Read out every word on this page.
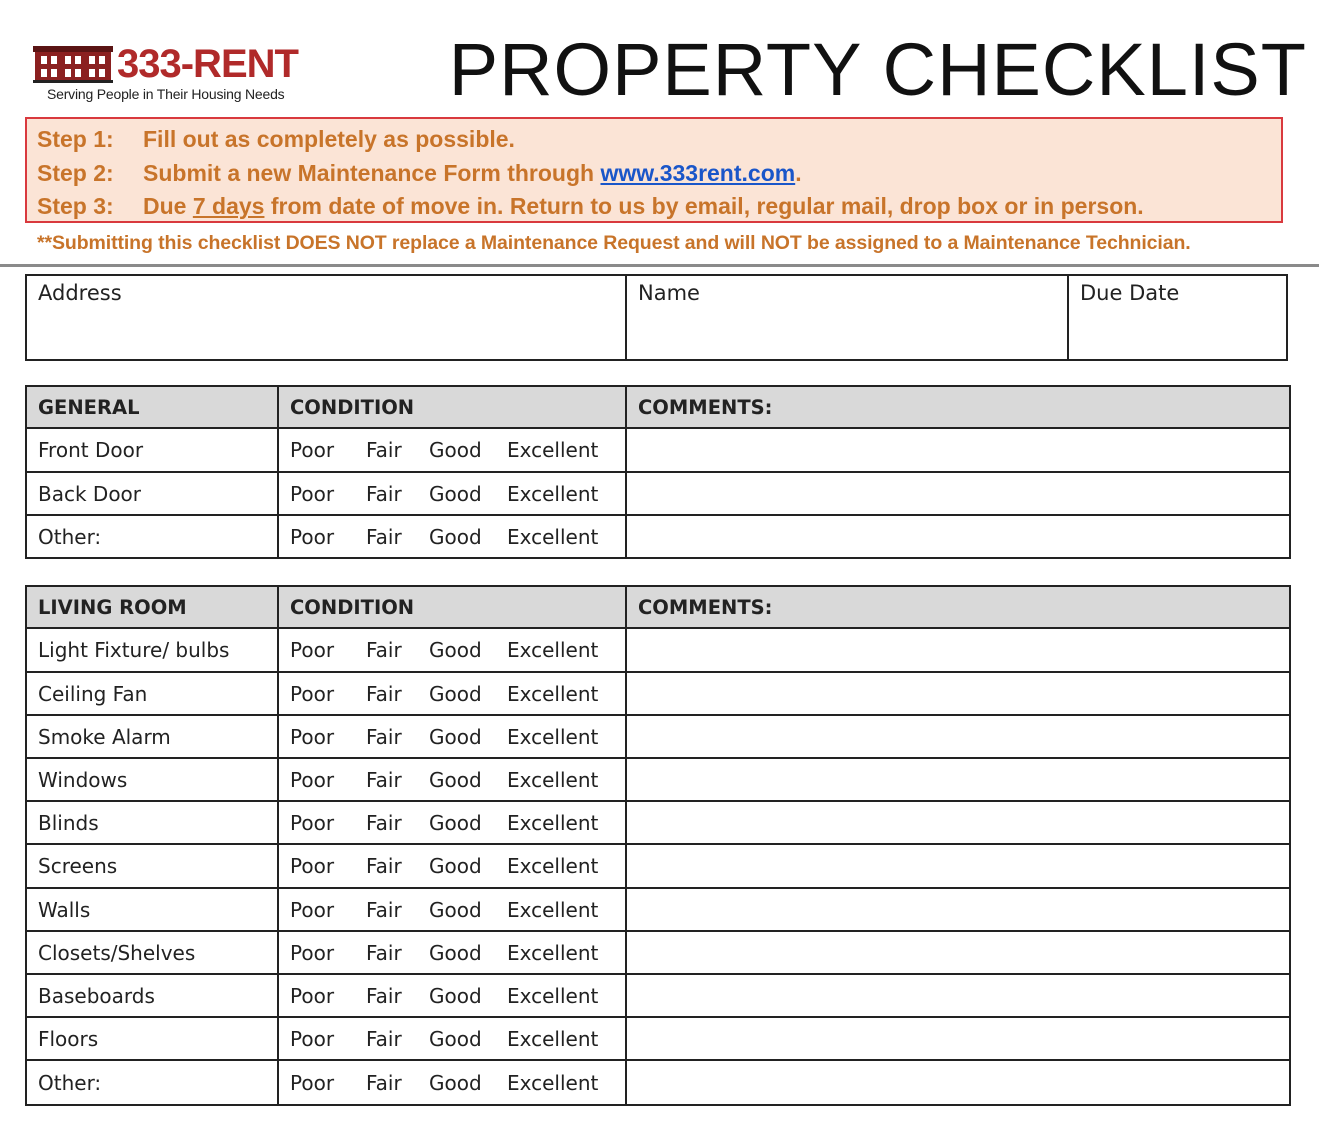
333-RENT
Serving People in Their Housing Needs	PROPERTY CHECKLIST
Step 1:	Fill out as completely as possible.
Step 2:	Submit a new Maintenance Form through www.333rent.com.
Step 3:	Due 7 days from date of move in. Return to us by email, regular mail, drop box or in person.
**Submitting this checklist DOES NOT replace a Maintenance Request and will NOT be assigned to a Maintenance Technician.
Address	Name	Due Date
GENERAL	CONDITION	COMMENTS:
Front Door	Poor Fair Good Excellent	

Back Door	Poor Fair Good Excellent	

Other:	Poor Fair Good Excellent	

LIVING ROOM	CONDITION	COMMENTS:
Light Fixture/ bulbs	Poor Fair Good Excellent	

Ceiling Fan	Poor Fair Good Excellent	

Smoke Alarm	Poor Fair Good Excellent	

Windows	Poor Fair Good Excellent	

Blinds	Poor Fair Good Excellent	

Screens	Poor Fair Good Excellent	

Walls	Poor Fair Good Excellent	

Closets/Shelves	Poor Fair Good Excellent	

Baseboards	Poor Fair Good Excellent	

Floors	Poor Fair Good Excellent	

Other:	Poor Fair Good Excellent	
